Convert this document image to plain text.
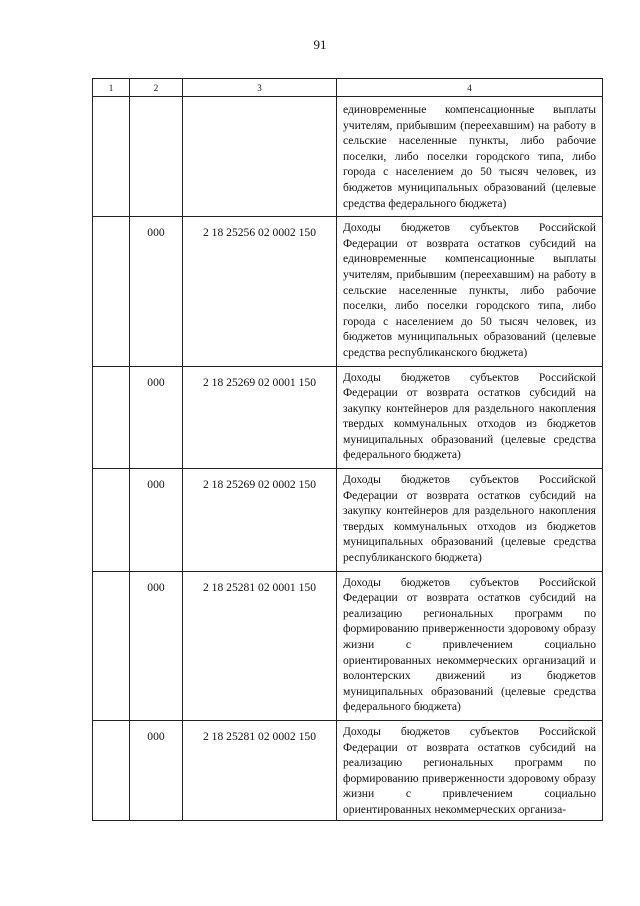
91
1	2	3	4
			единовременные компенсационные выплаты учителям, прибывшим (переехавшим) на работу в сельские населенные пункты, либо рабочие поселки, либо поселки городского типа, либо города с населением до 50 тысяч человек, из бюджетов муниципальных образований (целевые средства федерального бюджета)
	000	2 18 25256 02 0002 150	Доходы бюджетов субъектов Российской Федерации от возврата остатков субсидий на единовременные компенсационные выплаты учителям, прибывшим (переехавшим) на работу в сельские населенные пункты, либо рабочие поселки, либо поселки городского типа, либо города с населением до 50 тысяч человек, из бюджетов муниципальных образований (целевые средства республиканского бюджета)
	000	2 18 25269 02 0001 150	Доходы бюджетов субъектов Российской Федерации от возврата остатков субсидий на закупку контейнеров для раздельного накопления твердых коммунальных отходов из бюджетов муниципальных образований (целевые средства федерального бюджета)
	000	2 18 25269 02 0002 150	Доходы бюджетов субъектов Российской Федерации от возврата остатков субсидий на закупку контейнеров для раздельного накопления твердых коммунальных отходов из бюджетов муниципальных образований (целевые средства республиканского бюджета)
	000	2 18 25281 02 0001 150	Доходы бюджетов субъектов Российской Федерации от возврата остатков субсидий на реализацию региональных программ по формированию приверженности здоровому образу жизни с привлечением социально ориентированных некоммерческих организаций и волонтерских движений из бюджетов муниципальных образований (целевые средства федерального бюджета)
	000	2 18 25281 02 0002 150	Доходы бюджетов субъектов Российской Федерации от возврата остатков субсидий на реализацию региональных программ по формированию приверженности здоровому образу жизни с привлечением социально ориентированных некоммерческих организа-
